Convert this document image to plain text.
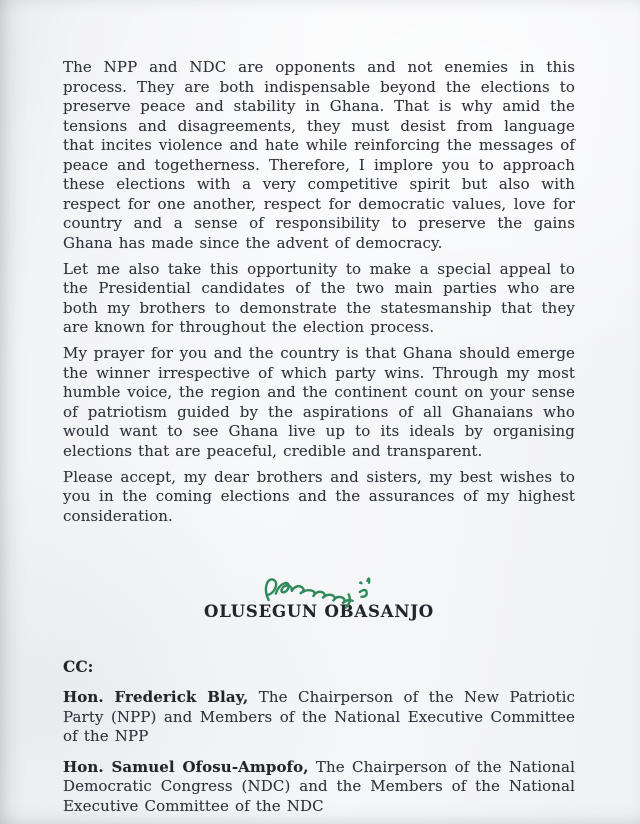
The NPP and NDC are opponents and not enemies in this process. They are both indispensable beyond the elections to preserve peace and stability in Ghana. That is why amid the tensions and disagreements, they must desist from language that incites violence and hate while reinforcing the messages of peace and togetherness. Therefore, I implore you to approach these elections with a very competitive spirit but also with respect for one another, respect for democratic values, love for country and a sense of responsibility to preserve the gains Ghana has made since the advent of democracy.

Let me also take this opportunity to make a special appeal to the Presidential candidates of the two main parties who are both my brothers to demonstrate the statesmanship that they are known for throughout the election process.

My prayer for you and the country is that Ghana should emerge the winner irrespective of which party wins. Through my most humble voice, the region and the continent count on your sense of patriotism guided by the aspirations of all Ghanaians who would want to see Ghana live up to its ideals by organising elections that are peaceful, credible and transparent.

Please accept, my dear brothers and sisters, my best wishes to you in the coming elections and the assurances of my highest consideration.

OLUSEGUN OBASANJO
CC:

Hon. Frederick Blay, The Chairperson of the New Patriotic Party (NPP) and Members of the National Executive Committee of the NPP

Hon. Samuel Ofosu-Ampofo, The Chairperson of the National Democratic Congress (NDC) and the Members of the National Executive Committee of the NDC
